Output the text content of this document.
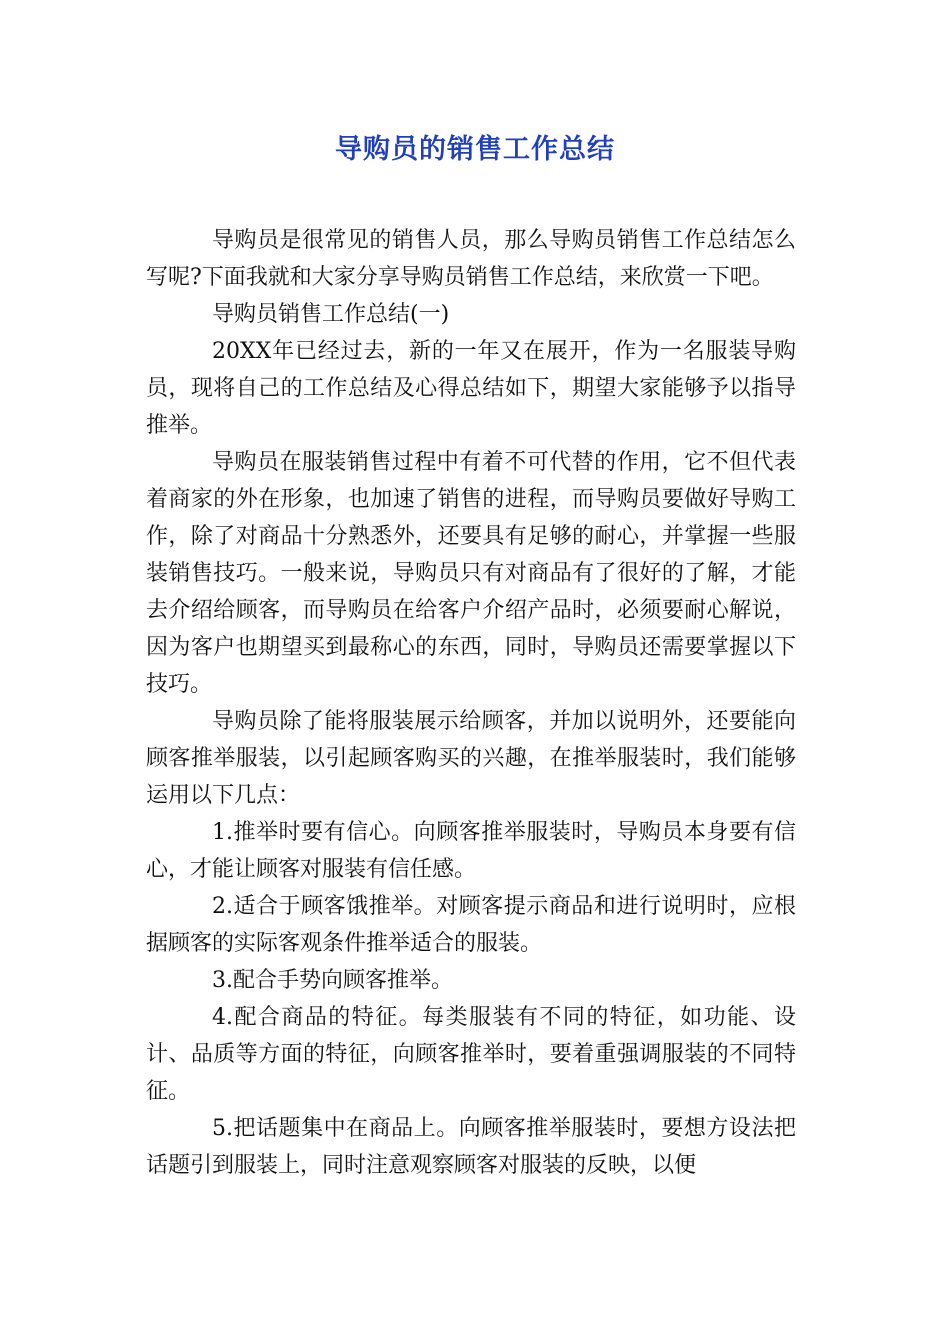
导购员的销售工作总结

导购员是很常见的销售人员，那么导购员销售工作总结怎么写呢?下面我就和大家分享导购员销售工作总结，来欣赏一下吧。

导购员销售工作总结(一)

20XX年已经过去，新的一年又在展开，作为一名服装导购员，现将自己的工作总结及心得总结如下，期望大家能够予以指导推举。

导购员在服装销售过程中有着不可代替的作用，它不但代表着商家的外在形象，也加速了销售的进程，而导购员要做好导购工作，除了对商品十分熟悉外，还要具有足够的耐心，并掌握一些服装销售技巧。一般来说，导购员只有对商品有了很好的了解，才能去介绍给顾客，而导购员在给客户介绍产品时，必须要耐心解说，因为客户也期望买到最称心的东西，同时，导购员还需要掌握以下技巧。

导购员除了能将服装展示给顾客，并加以说明外，还要能向顾客推举服装，以引起顾客购买的兴趣，在推举服装时，我们能够运用以下几点：

1.推举时要有信心。向顾客推举服装时，导购员本身要有信心，才能让顾客对服装有信任感。

2.适合于顾客饿推举。对顾客提示商品和进行说明时，应根据顾客的实际客观条件推举适合的服装。

3.配合手势向顾客推举。

4.配合商品的特征。每类服装有不同的特征，如功能、设计、品质等方面的特征，向顾客推举时，要着重强调服装的不同特征。

5.把话题集中在商品上。向顾客推举服装时，要想方设法把话题引到服装上，同时注意观察顾客对服装的反映，以便
